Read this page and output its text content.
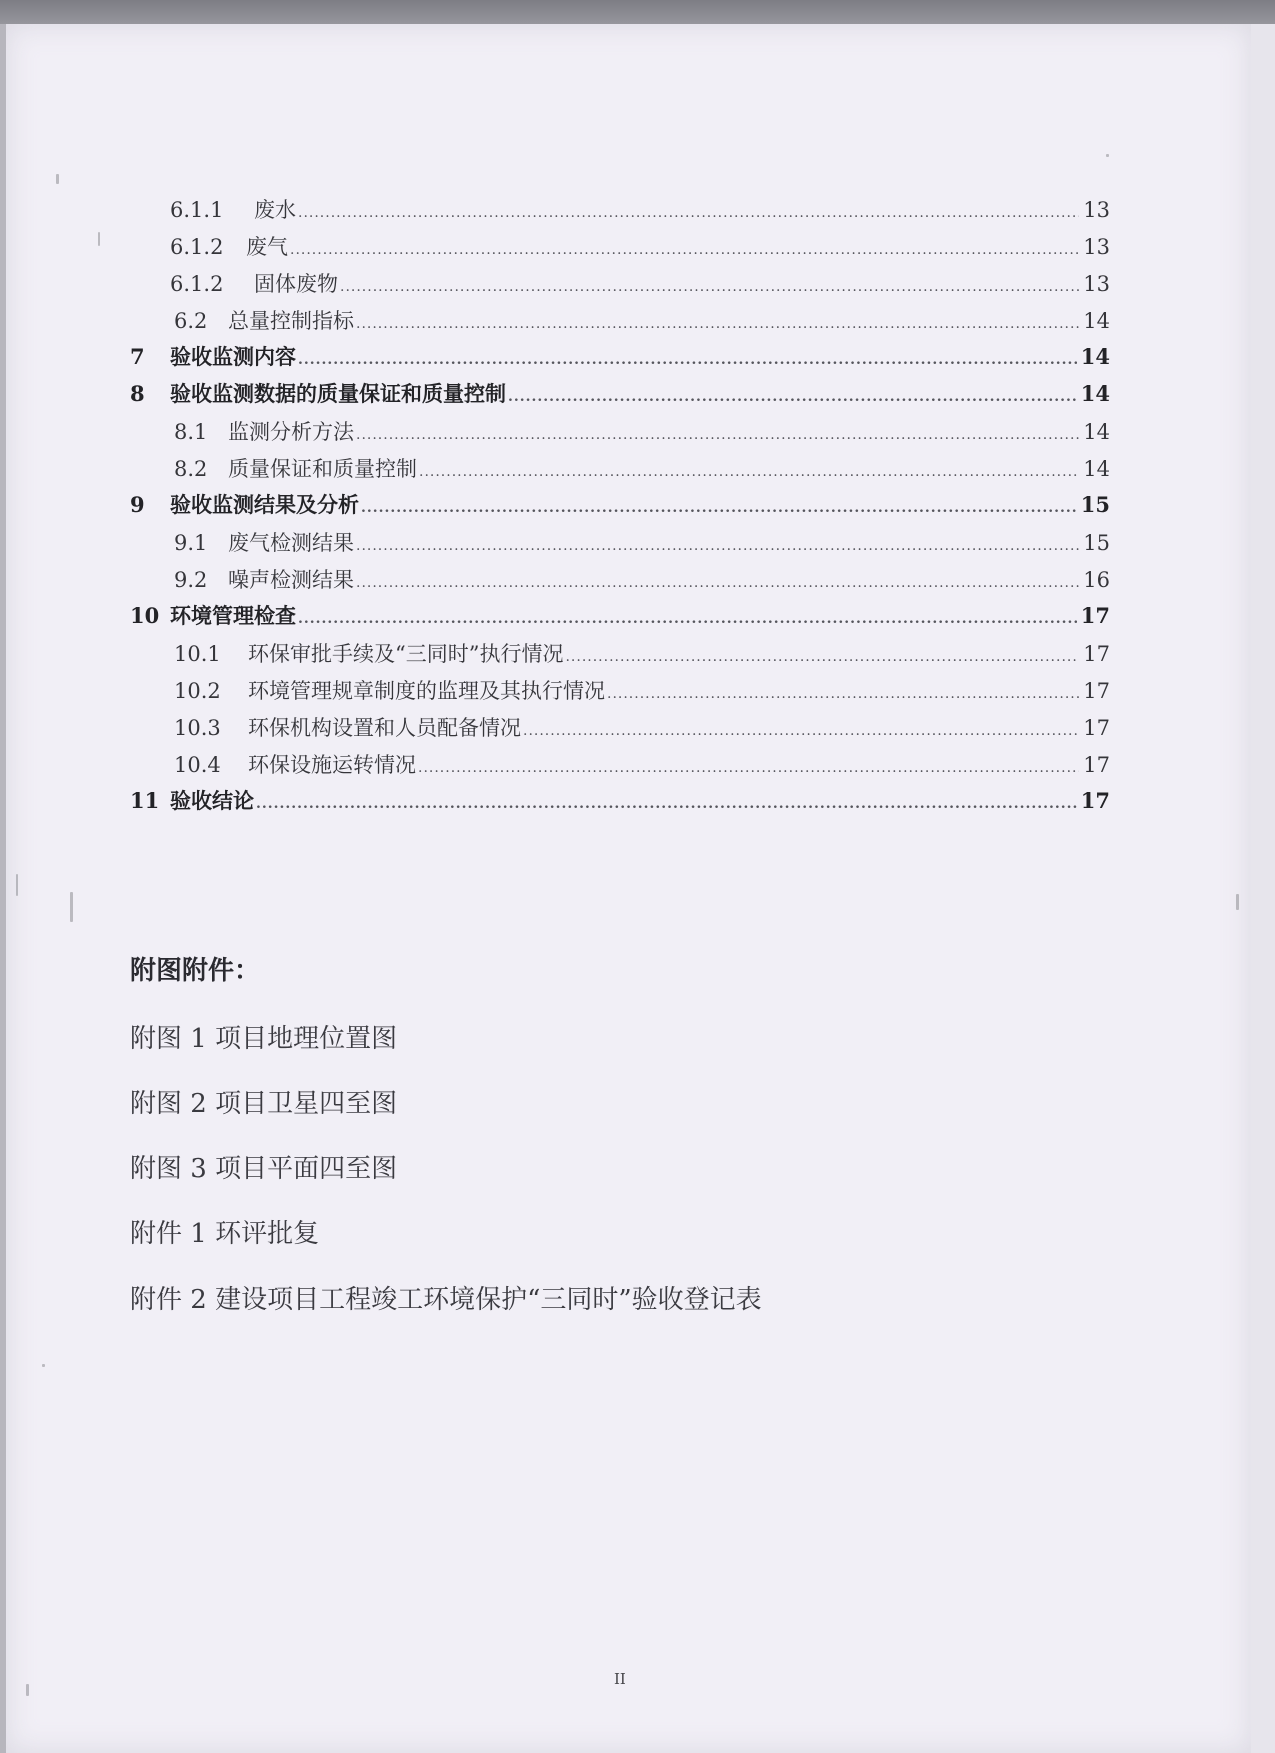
6.1.1	废水 .....	13
6.1.2	废气 .....	13
6.1.2	固体废物 .....	13
6.2 总量控制指标 .....	14
7	验收监测内容 .....	14
8	验收监测数据的质量保证和质量控制 .....	14
8.1 监测分析方法 .....	14
8.2 质量保证和质量控制 .....	14
9	验收监测结果及分析 .....	15
9.1 废气检测结果 .....	15
9.2 噪声检测结果 .....	16
10 环境管理检查 .....	17
10.1	环保审批手续及“三同时”执行情况 .....	17
10.2	环境管理规章制度的监理及其执行情况 .....	17
10.3	环保机构设置和人员配备情况 .....	17
10.4	环保设施运转情况 .....	17
11 验收结论 .....	17
附图附件：
附图 1 项目地理位置图
附图 2 项目卫星四至图
附图 3 项目平面四至图
附件 1 环评批复
附件 2 建设项目工程竣工环境保护“三同时”验收登记表
II
